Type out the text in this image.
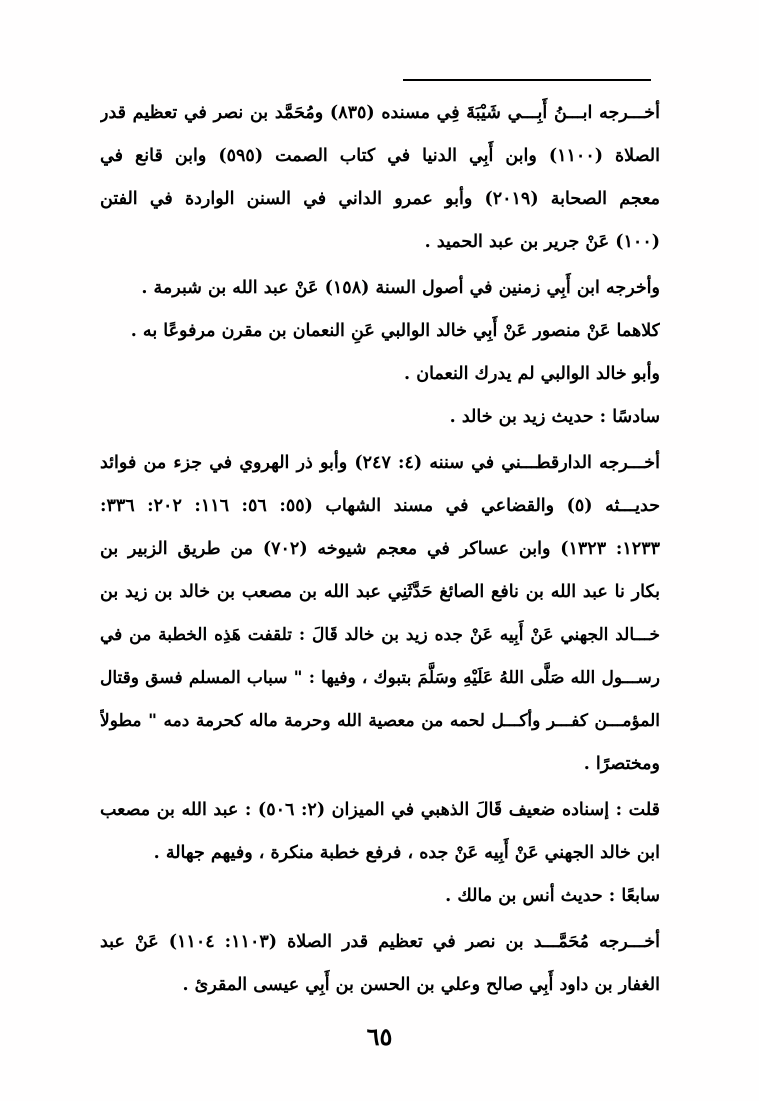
أخـــرجه ابـــنُ أَبِـــي شَيْبَةَ فِي مسنده (٨٣٥) ومُحَمَّد بن نصر في تعظيم قدر
الصلاة (١١٠٠) وابن أَبِي الدنيا في كتاب الصمت (٥٩٥) وابن قانع في
معجم الصحابة (٢٠١٩) وأبو عمرو الداني في السنن الواردة في الفتن
(١٠٠) عَنْ جرير بن عبد الحميد .
وأخرجه ابن أَبِي زمنين في أصول السنة (١٥٨) عَنْ عبد الله بن شبرمة .
كلاهما عَنْ منصور عَنْ أَبِي خالد الوالبي عَنِ النعمان بن مقرن مرفوعًا به .
وأبو خالد الوالبي لم يدرك النعمان .
سادسًا : حديث زيد بن خالد .
أخـــرجه الدارقطـــني في سننه (٤: ٢٤٧) وأبو ذر الهروي في جزء من فوائد
حديـــثه (٥) والقضاعي في مسند الشهاب (٥٥: ٥٦: ١١٦: ٢٠٢: ٣٣٦:
١٢٣٣: ١٣٢٣) وابن عساكر في معجم شيوخه (٧٠٢) من طريق الزبير بن
بكار نا عبد الله بن نافع الصائغ حَدَّثَنِي عبد الله بن مصعب بن خالد بن زيد بن
خـــالد الجهني عَنْ أَبِيه عَنْ جده زيد بن خالد قَالَ : تلقفت هَذِه الخطبة من في
رســـول الله صَلَّى اللهُ عَلَيْهِ وسَلَّمَ بتبوك ، وفيها : " سباب المسلم فسق وقتال
المؤمـــن كفـــر وأكـــل لحمه من معصية الله وحرمة ماله كحرمة دمه " مطولاً
ومختصرًا .
قلت : إسناده ضعيف قَالَ الذهبي في الميزان (٢: ٥٠٦) : عبد الله بن مصعب
ابن خالد الجهني عَنْ أَبِيه عَنْ جده ، فرفع خطبة منكرة ، وفيهم جهالة .
سابعًا : حديث أنس بن مالك .
أخـــرجه مُحَمَّـــد بن نصر في تعظيم قدر الصلاة (١١٠٣: ١١٠٤) عَنْ عبد
الغفار بن داود أَبِي صالح وعلي بن الحسن بن أَبِي عيسى المقرئ .
٦٥
